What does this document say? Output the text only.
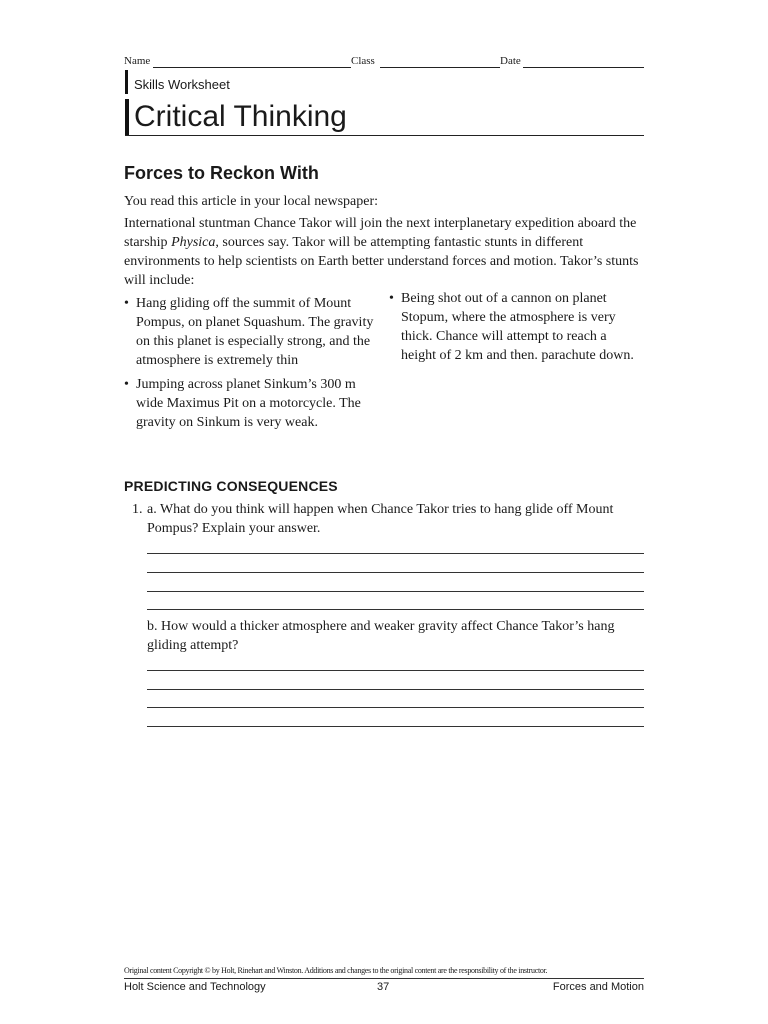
Name	Class	Date
Skills Worksheet
Critical Thinking
Forces to Reckon With

You read this article in your local newspaper:

International stuntman Chance Takor will join the next interplanetary expedition aboard the starship Physica, sources say. Takor will be attempting fantastic stunts in different environments to help scientists on Earth better understand forces and motion. Takor’s stunts will include:

• Hang gliding off the summit of Mount Pompus, on planet Squashum. The gravity on this planet is especially strong, and the atmosphere is extremely thin

• Jumping across planet Sinkum’s 300 m wide Maximus Pit on a motorcycle. The gravity on Sinkum is very weak.

• Being shot out of a cannon on planet Stopum, where the atmosphere is very thick. Chance will attempt to reach a height of 2 km and then. parachute down.

PREDICTING CONSEQUENCES
1. a. What do you think will happen when Chance Takor tries to hang glide off Mount Pompus? Explain your answer.
b. How would a thicker atmosphere and weaker gravity affect Chance Takor’s hang gliding attempt?
Original content Copyright © by Holt, Rinehart and Winston. Additions and changes to the original content are the responsibility of the instructor.
Holt Science and Technology	37	Forces and Motion
